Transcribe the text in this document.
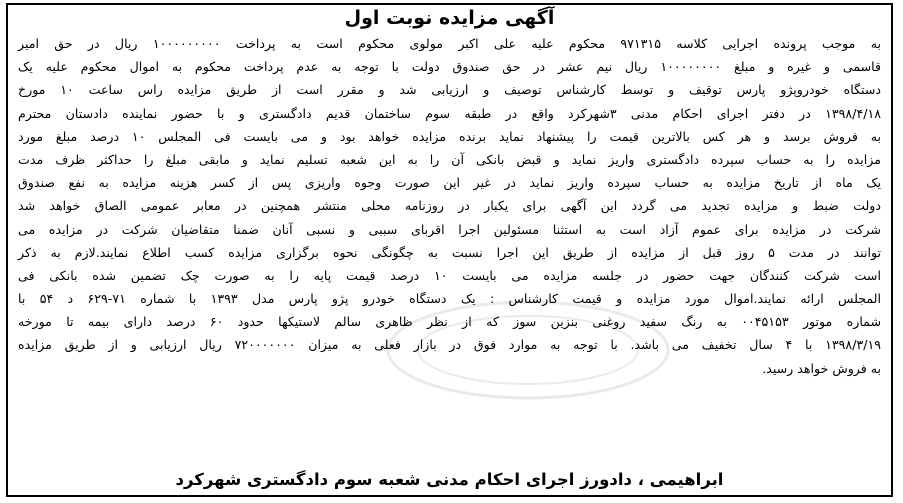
آگهی مزایده نوبت اول
به موجب پرونده اجرایی کلاسه ۹۷۱۳۱۵ محکوم علیه علی اکبر مولوی محکوم است به پرداخت ۱۰۰۰۰۰۰۰۰۰ ریال در حق امیر
قاسمی و غیره و مبلغ ۱۰۰۰۰۰۰۰۰ ریال نیم عشر در حق صندوق دولت با توجه به عدم پرداخت محکوم به اموال محکوم علیه یک
دستگاه خودروپژو پارس توقیف و توسط کارشناس توصیف و ارزیابی شد و مقرر است از طریق مزایده راس ساعت ۱۰ مورخ
۱۳۹۸/۴/۱۸ در دفتر اجرای احکام مدنی ۳شهرکرد واقع در طبقه سوم ساختمان قدیم دادگستری و با حضور نماینده دادستان محترم
به فروش برسد و هر کس بالاترین قیمت را پیشنهاد نماید برنده مزایده خواهد بود و می بایست فی المجلس ۱۰ درصد مبلغ مورد
مزایده را به حساب سپرده دادگستری واریز نماید و قبض بانکی آن را به این شعبه تسلیم نماید و مابقی مبلغ را حداکثر ظرف مدت
یک ماه از تاریخ مزایده به حساب سپرده واریز نماید در غیر این صورت وجوه واریزی پس از کسر هزینه مزایده به نفع صندوق
دولت ضبط و مزایده تجدید می گردد این آگهی برای یکبار در روزنامه محلی منتشر همچنین در معابر عمومی الصاق خواهد شد
شرکت در مزایده برای عموم آزاد است به استثنا مسئولین اجرا اقربای سببی و نسبی آنان ضمنا متقاضیان شرکت در مزایده می
توانند در مدت ۵ روز قبل از مزایده از طریق این اجرا نسبت به چگونگی نحوه برگزاری مزایده کسب اطلاع نمایند.لازم به ذکر
است شرکت کنندگان جهت حضور در جلسه مزایده می بایست ۱۰ درصد قیمت پایه را به صورت چک تضمین شده بانکی فی
المجلس ارائه نمایند.اموال مورد مزایده و قیمت کارشناس : یک دستگاه خودرو پژو پارس مدل ۱۳۹۳ با شماره ۷۱-۶۲۹ د ۵۴ با
شماره موتور ۰۰۴۵۱۵۳ به رنگ سفید روغنی بنزین سوز که از نظر ظاهری سالم لاستیکها حدود ۶۰ درصد دارای بیمه تا مورخه
۱۳۹۸/۳/۱۹ با ۴ سال تخفیف می باشد. با توجه به موارد فوق در بازار فعلی به میزان ۷۲۰۰۰۰۰۰۰ ریال ارزیابی و از طریق مزایده
به فروش خواهد رسید.
ابراهیمی ، دادورز اجرای احکام مدنی شعبه سوم دادگستری شهرکرد
